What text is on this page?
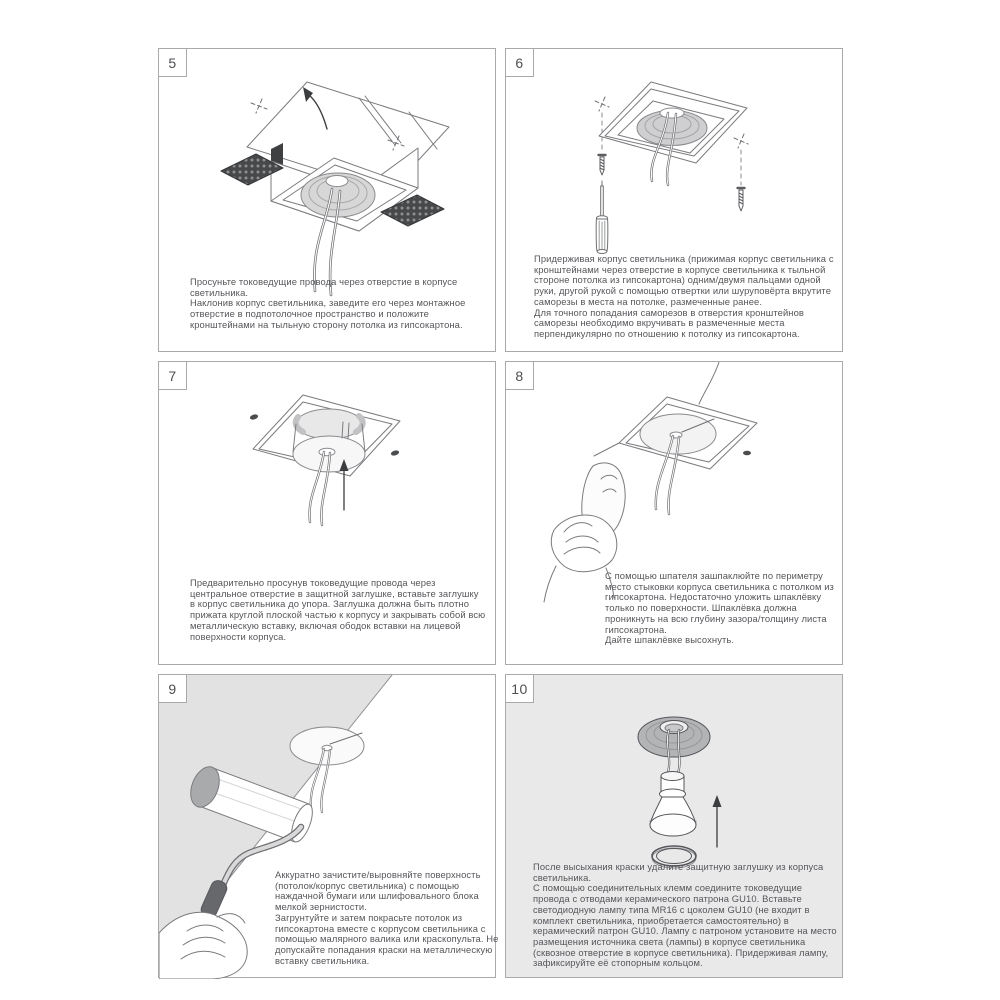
5
Просуньте токоведущие провода через отверстие в корпусе светильника.
Наклонив корпус светильника, заведите его через монтажное отверстие в подпотолочное пространство и положите кронштейнами на тыльную сторону потолка из гипсокартона.
6
Придерживая корпус светильника (прижимая корпус светильника с кронштейнами через отверстие в корпусе светильника к тыльной стороне потолка из гипсокартона) одним/двумя пальцами одной руки, другой рукой с помощью отвертки или шуруповёрта вкрутите саморезы в места на потолке, размеченные ранее.
Для точного попадания саморезов в отверстия кронштейнов саморезы необходимо вкручивать в размеченные места перпендикулярно по отношению к потолку из гипсокартона.
7
Предварительно просунув токоведущие провода через центральное отверстие в защитной заглушке, вставьте заглушку в корпус светильника до упора. Заглушка должна быть плотно прижата круглой плоской частью к корпусу и закрывать собой всю металлическую вставку, включая ободок вставки на лицевой поверхности корпуса.
8
С помощью шпателя зашпаклюйте по периметру место стыковки корпуса светильника с потолком из гипсокартона. Недостаточно уложить шпаклёвку только по поверхности. Шпаклёвка должна проникнуть на всю глубину зазора/толщину листа гипсокартона.
Дайте шпаклёвке высохнуть.
9
Аккуратно зачистите/выровняйте поверхность (потолок/корпус светильника) с помощью наждачной бумаги или шлифовального блока мелкой зернистости.
Загрунтуйте и затем покрасьте потолок из гипсокартона вместе с корпусом светильника с помощью малярного валика или краскопульта. Не допускайте попадания краски на металлическую вставку светильника.
10
После высыхания краски удалите защитную заглушку из корпуса светильника.
С помощью соединительных клемм соедините токоведущие провода с отводами керамического патрона GU10. Вставьте светодиодную лампу типа MR16 с цоколем GU10 (не входит в комплект светильника, приобретается самостоятельно) в керамический патрон GU10. Лампу с патроном установите на место размещения источника света (лампы) в корпусе светильника (сквозное отверстие в корпусе светильника). Придерживая лампу, зафиксируйте её стопорным кольцом.
